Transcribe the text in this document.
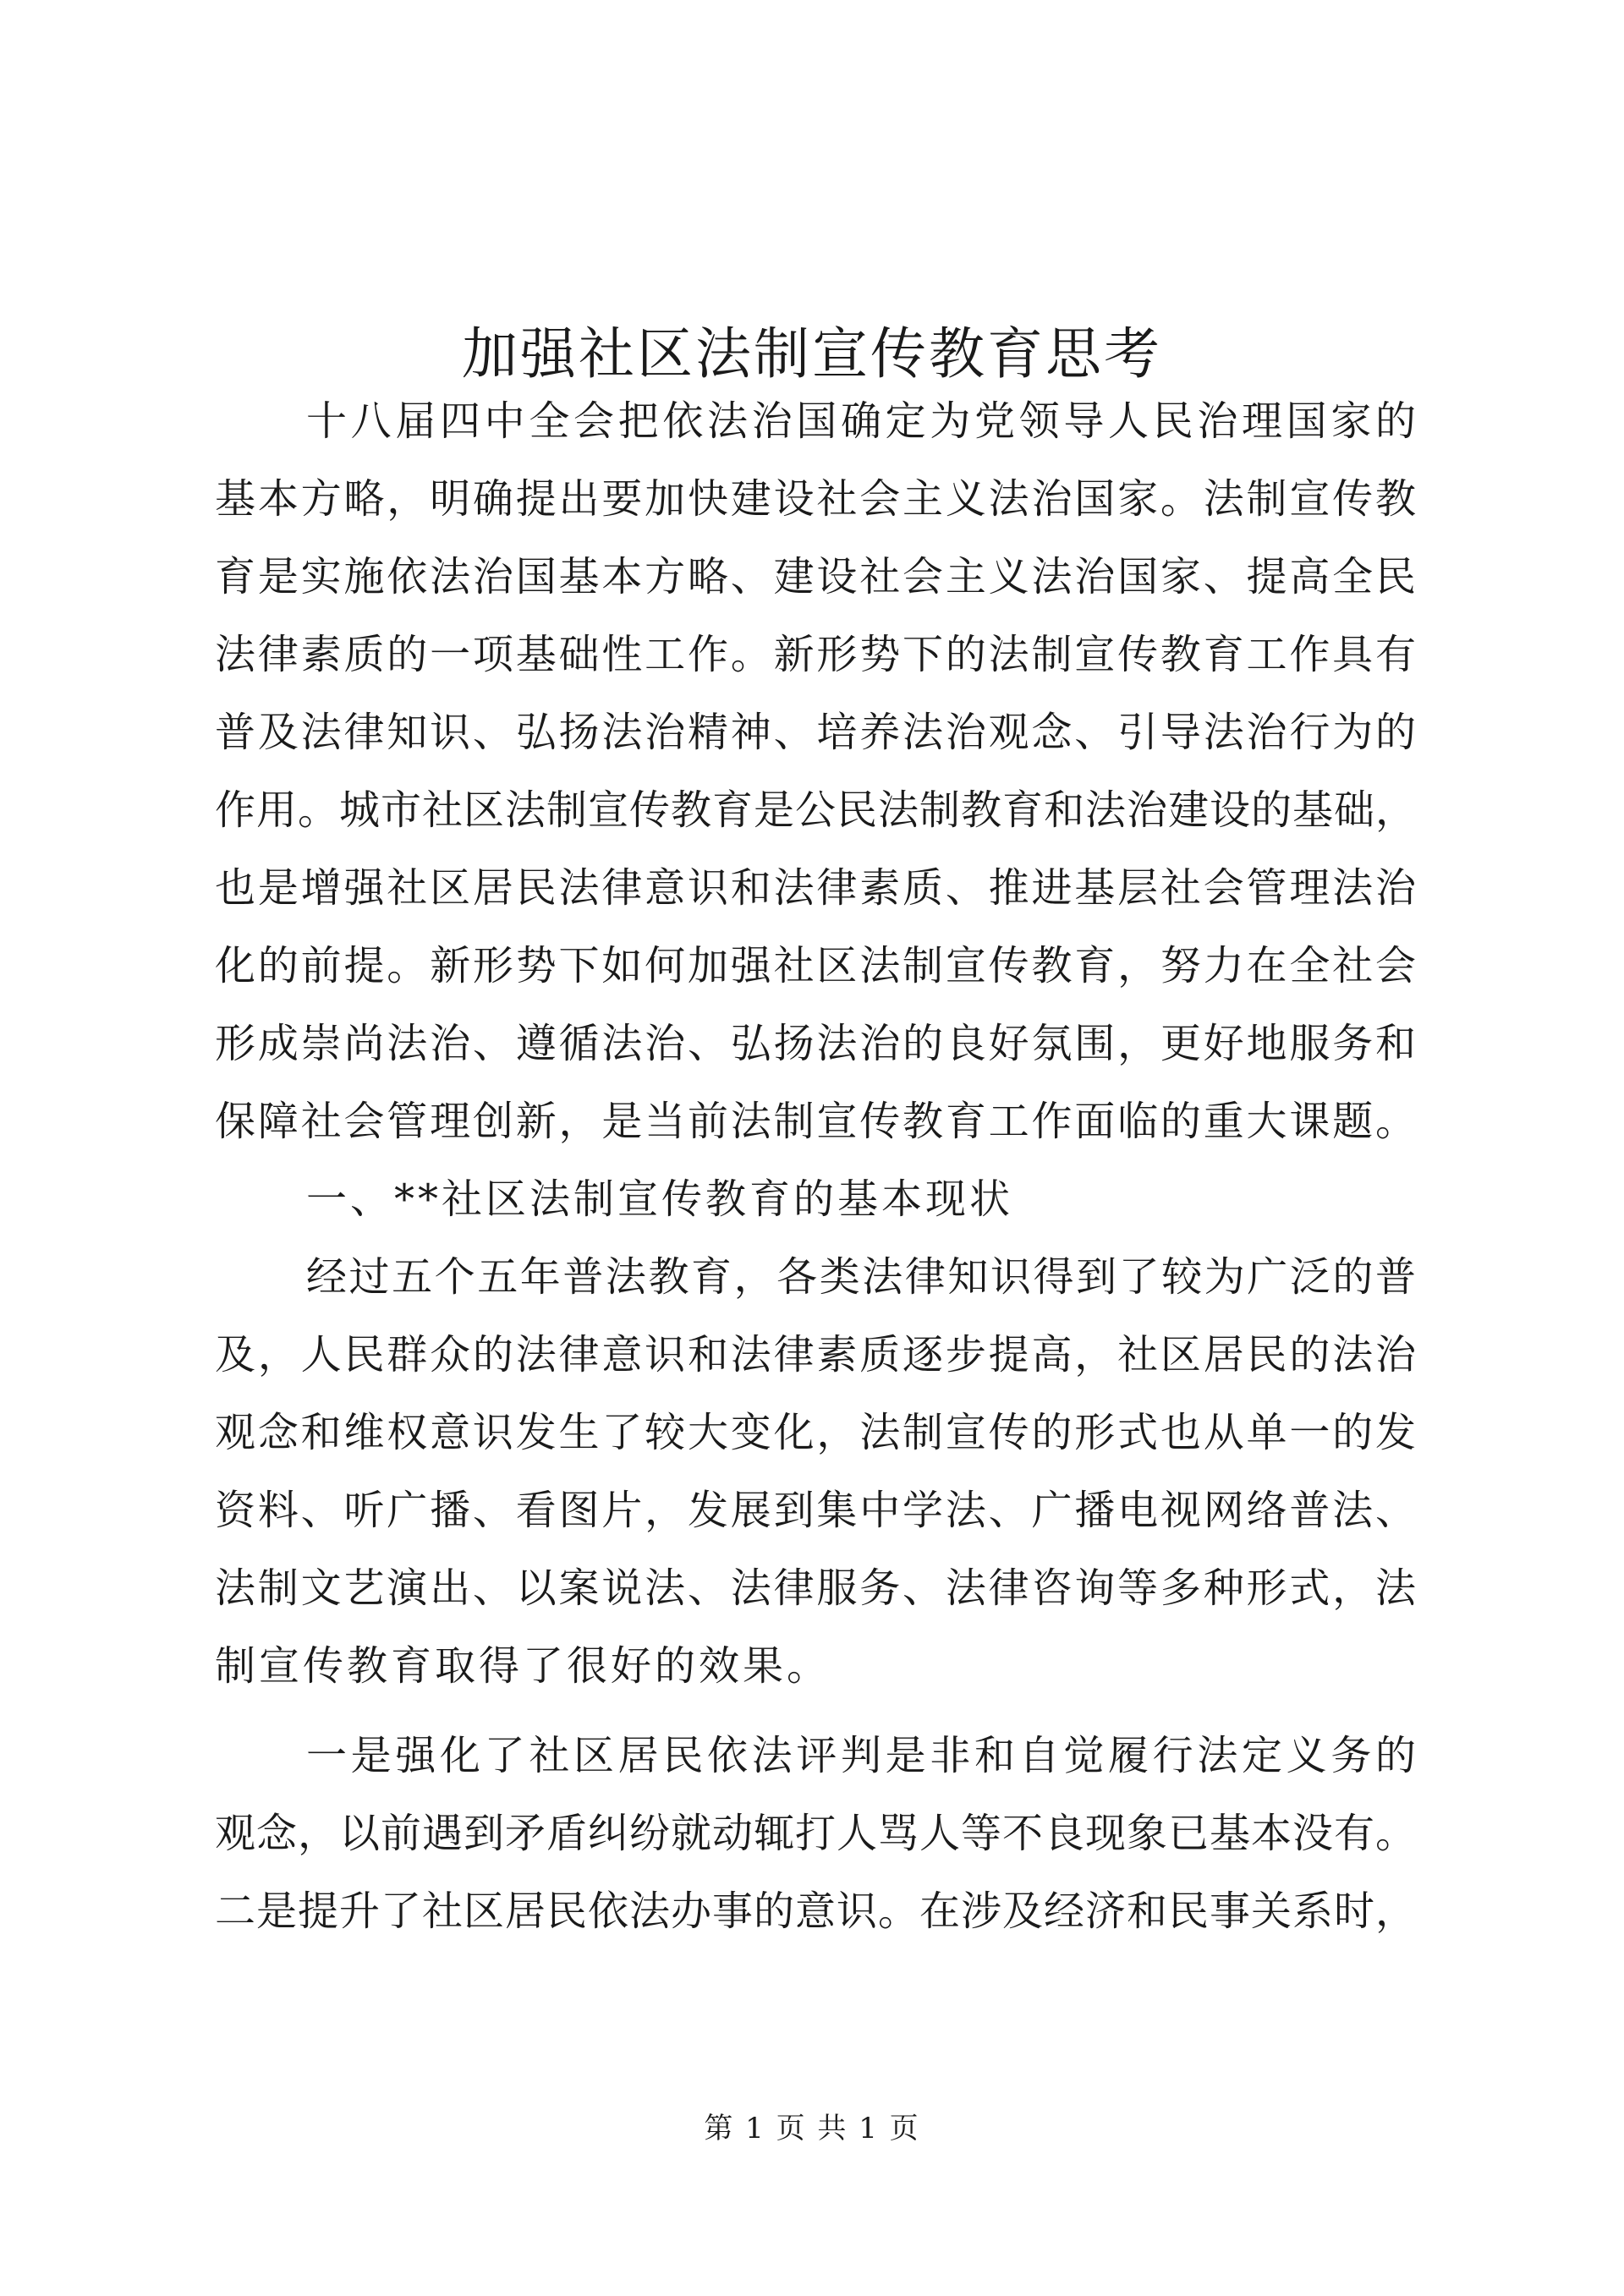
加强社区法制宣传教育思考
十八届四中全会把依法治国确定为党领导人民治理国家的
基本方略，明确提出要加快建设社会主义法治国家。法制宣传教
育是实施依法治国基本方略、建设社会主义法治国家、提高全民
法律素质的一项基础性工作。新形势下的法制宣传教育工作具有
普及法律知识、弘扬法治精神、培养法治观念、引导法治行为的
作用。城市社区法制宣传教育是公民法制教育和法治建设的基础，
也是增强社区居民法律意识和法律素质、推进基层社会管理法治
化的前提。新形势下如何加强社区法制宣传教育，努力在全社会
形成崇尚法治、遵循法治、弘扬法治的良好氛围，更好地服务和
保障社会管理创新，是当前法制宣传教育工作面临的重大课题。
一、**社区法制宣传教育的基本现状
经过五个五年普法教育，各类法律知识得到了较为广泛的普
及，人民群众的法律意识和法律素质逐步提高，社区居民的法治
观念和维权意识发生了较大变化，法制宣传的形式也从单一的发
资料、听广播、看图片，发展到集中学法、广播电视网络普法、
法制文艺演出、以案说法、法律服务、法律咨询等多种形式，法
制宣传教育取得了很好的效果。
一是强化了社区居民依法评判是非和自觉履行法定义务的
观念，以前遇到矛盾纠纷就动辄打人骂人等不良现象已基本没有。
二是提升了社区居民依法办事的意识。在涉及经济和民事关系时，
第 1 页 共 1 页
